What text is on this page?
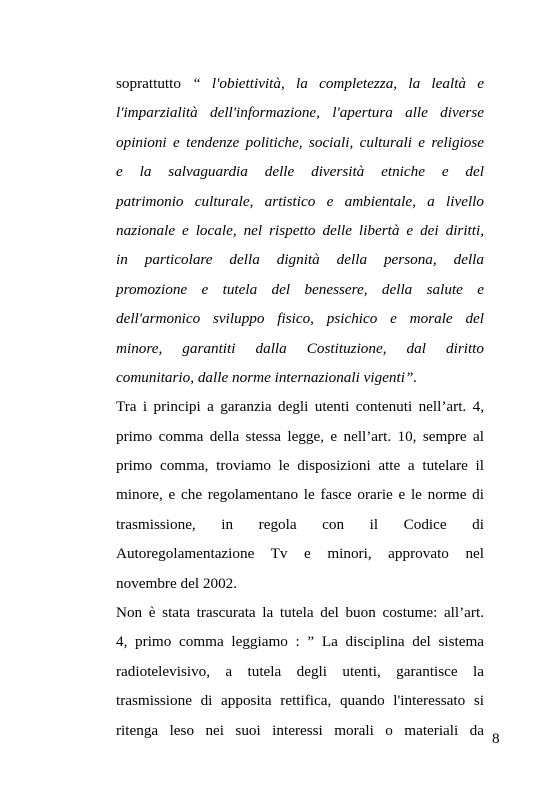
soprattutto “ l'obiettività, la completezza, la lealtà e
l'imparzialità dell'informazione, l'apertura alle diverse
opinioni e tendenze politiche, sociali, culturali e religiose
e la salvaguardia delle diversità etniche e del
patrimonio culturale, artistico e ambientale, a livello
nazionale e locale, nel rispetto delle libertà e dei diritti,
in particolare della dignità della persona, della
promozione e tutela del benessere, della salute e
dell'armonico sviluppo fisico, psichico e morale del
minore, garantiti dalla Costituzione, dal diritto
comunitario, dalle norme internazionali vigenti”.
Tra i principi a garanzia degli utenti contenuti nell’art. 4,
primo comma della stessa legge, e nell’art. 10, sempre al
primo comma, troviamo le disposizioni atte a tutelare il
minore, e che regolamentano le fasce orarie e le norme di
trasmissione, in regola con il Codice di
Autoregolamentazione Tv e minori, approvato nel
novembre del 2002.
Non è stata trascurata la tutela del buon costume: all’art.
4, primo comma leggiamo : ” La disciplina del sistema
radiotelevisivo, a tutela degli utenti, garantisce la
trasmissione di apposita rettifica, quando l'interessato si
ritenga leso nei suoi interessi morali o materiali da 8
